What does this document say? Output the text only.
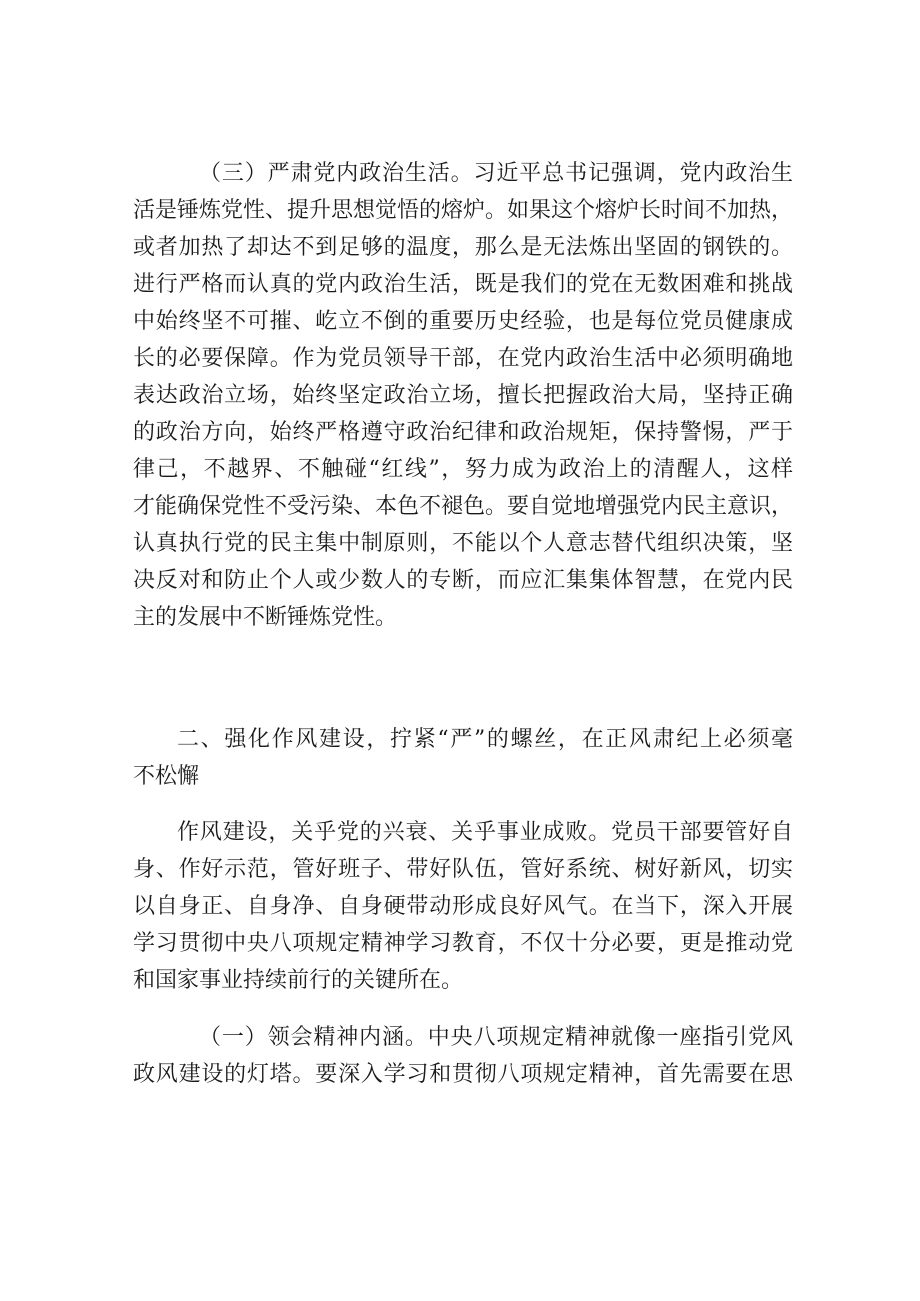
（三）严肃党内政治生活。习近平总书记强调，党内政治生
活是锤炼党性、提升思想觉悟的熔炉。如果这个熔炉长时间不加热，
或者加热了却达不到足够的温度，那么是无法炼出坚固的钢铁的。
进行严格而认真的党内政治生活，既是我们的党在无数困难和挑战
中始终坚不可摧、屹立不倒的重要历史经验，也是每位党员健康成
长的必要保障。作为党员领导干部，在党内政治生活中必须明确地
表达政治立场，始终坚定政治立场，擅长把握政治大局，坚持正确
的政治方向，始终严格遵守政治纪律和政治规矩，保持警惕，严于
律己，不越界、不触碰“红线”，努力成为政治上的清醒人，这样
才能确保党性不受污染、本色不褪色。要自觉地增强党内民主意识，
认真执行党的民主集中制原则，不能以个人意志替代组织决策，坚
决反对和防止个人或少数人的专断，而应汇集集体智慧，在党内民
主的发展中不断锤炼党性。
二、强化作风建设，拧紧“严”的螺丝，在正风肃纪上必须毫
不松懈
作风建设，关乎党的兴衰、关乎事业成败。党员干部要管好自
身、作好示范，管好班子、带好队伍，管好系统、树好新风，切实
以自身正、自身净、自身硬带动形成良好风气。在当下，深入开展
学习贯彻中央八项规定精神学习教育，不仅十分必要，更是推动党
和国家事业持续前行的关键所在。
（一）领会精神内涵。中央八项规定精神就像一座指引党风
政风建设的灯塔。要深入学习和贯彻八项规定精神，首先需要在思
